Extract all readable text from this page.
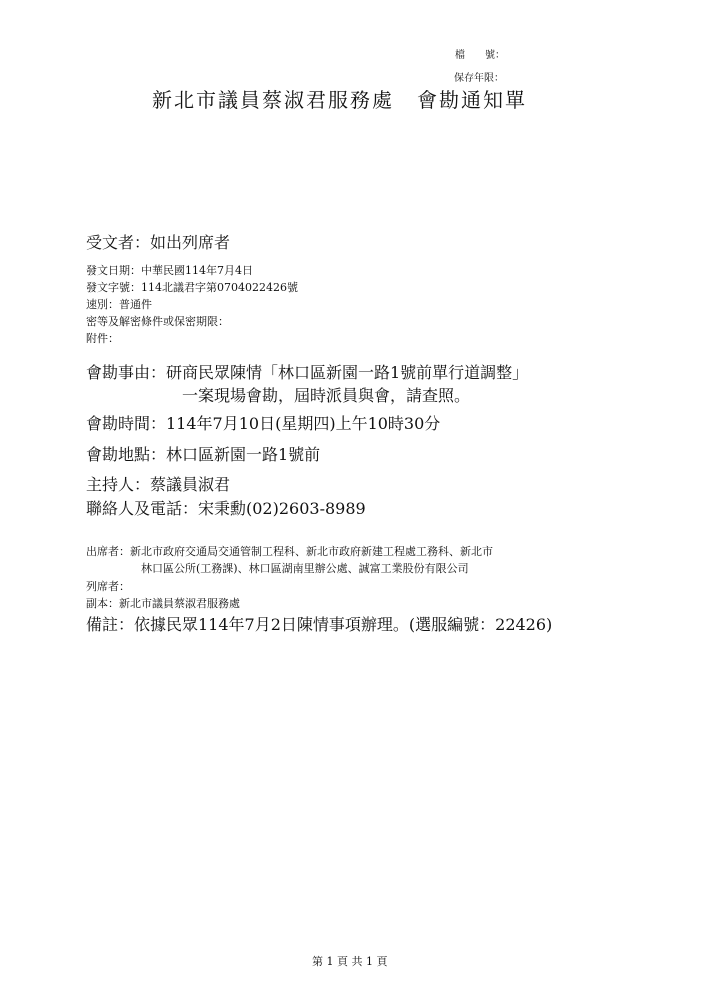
檔　　號：
保存年限：
新北市議員蔡淑君服務處 會勘通知單
受文者：如出列席者
發文日期：中華民國114年7月4日
發文字號：114北議君字第0704022426號
速別：普通件
密等及解密條件或保密期限：
附件：
會勘事由：研商民眾陳情「林口區新園一路1號前單行道調整」
一案現場會勘，屆時派員與會，請查照。
會勘時間：114年7月10日(星期四)上午10時30分
會勘地點：林口區新園一路1號前
主持人：蔡議員淑君
聯絡人及電話：宋秉勳(02)2603-8989
出席者：新北市政府交通局交通管制工程科、新北市政府新建工程處工務科、新北市
林口區公所(工務課)、林口區湖南里辦公處、誠富工業股份有限公司
列席者：
副本：新北市議員蔡淑君服務處
備註：依據民眾114年7月2日陳情事項辦理。(選服編號：22426)
第 1 頁 共 1 頁
